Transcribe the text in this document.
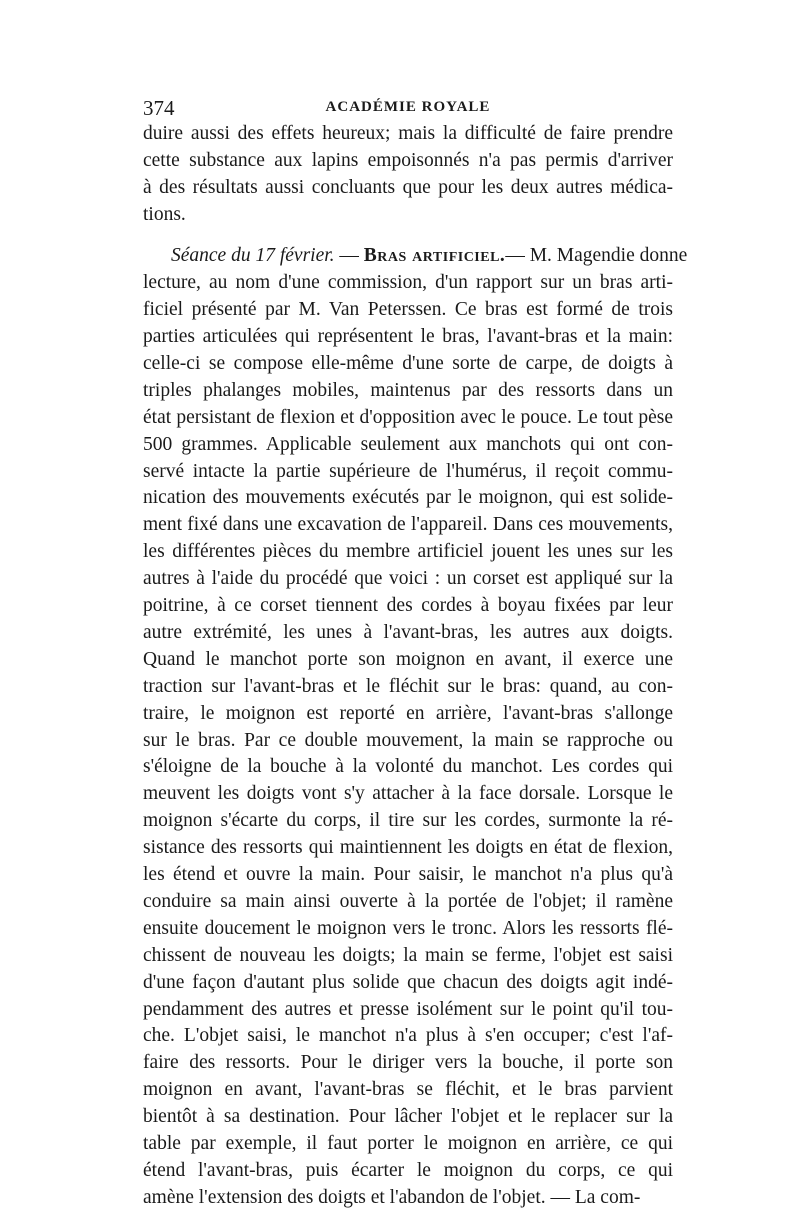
374	ACADÉMIE ROYALE
duire aussi des effets heureux; mais la difficulté de faire prendre
cette substance aux lapins empoisonnés n'a pas permis d'arriver
à des résultats aussi concluants que pour les deux autres médica-
tions.
Séance du 17 février. — Bras artificiel.— M. Magendie donne
lecture, au nom d'une commission, d'un rapport sur un bras arti-
ficiel présenté par M. Van Peterssen. Ce bras est formé de trois
parties articulées qui représentent le bras, l'avant-bras et la main:
celle-ci se compose elle-même d'une sorte de carpe, de doigts à
triples phalanges mobiles, maintenus par des ressorts dans un
état persistant de flexion et d'opposition avec le pouce. Le tout pèse
500 grammes. Applicable seulement aux manchots qui ont con-
servé intacte la partie supérieure de l'humérus, il reçoit commu-
nication des mouvements exécutés par le moignon, qui est solide-
ment fixé dans une excavation de l'appareil. Dans ces mouvements,
les différentes pièces du membre artificiel jouent les unes sur les
autres à l'aide du procédé que voici : un corset est appliqué sur la
poitrine, à ce corset tiennent des cordes à boyau fixées par leur
autre extrémité, les unes à l'avant-bras, les autres aux doigts.
Quand le manchot porte son moignon en avant, il exerce une
traction sur l'avant-bras et le fléchit sur le bras: quand, au con-
traire, le moignon est reporté en arrière, l'avant-bras s'allonge
sur le bras. Par ce double mouvement, la main se rapproche ou
s'éloigne de la bouche à la volonté du manchot. Les cordes qui
meuvent les doigts vont s'y attacher à la face dorsale. Lorsque le
moignon s'écarte du corps, il tire sur les cordes, surmonte la ré-
sistance des ressorts qui maintiennent les doigts en état de flexion,
les étend et ouvre la main. Pour saisir, le manchot n'a plus qu'à
conduire sa main ainsi ouverte à la portée de l'objet; il ramène
ensuite doucement le moignon vers le tronc. Alors les ressorts flé-
chissent de nouveau les doigts; la main se ferme, l'objet est saisi
d'une façon d'autant plus solide que chacun des doigts agit indé-
pendamment des autres et presse isolément sur le point qu'il tou-
che. L'objet saisi, le manchot n'a plus à s'en occuper; c'est l'af-
faire des ressorts. Pour le diriger vers la bouche, il porte son
moignon en avant, l'avant-bras se fléchit, et le bras parvient
bientôt à sa destination. Pour lâcher l'objet et le replacer sur la
table par exemple, il faut porter le moignon en arrière, ce qui
étend l'avant-bras, puis écarter le moignon du corps, ce qui
amène l'extension des doigts et l'abandon de l'objet. — La com-
